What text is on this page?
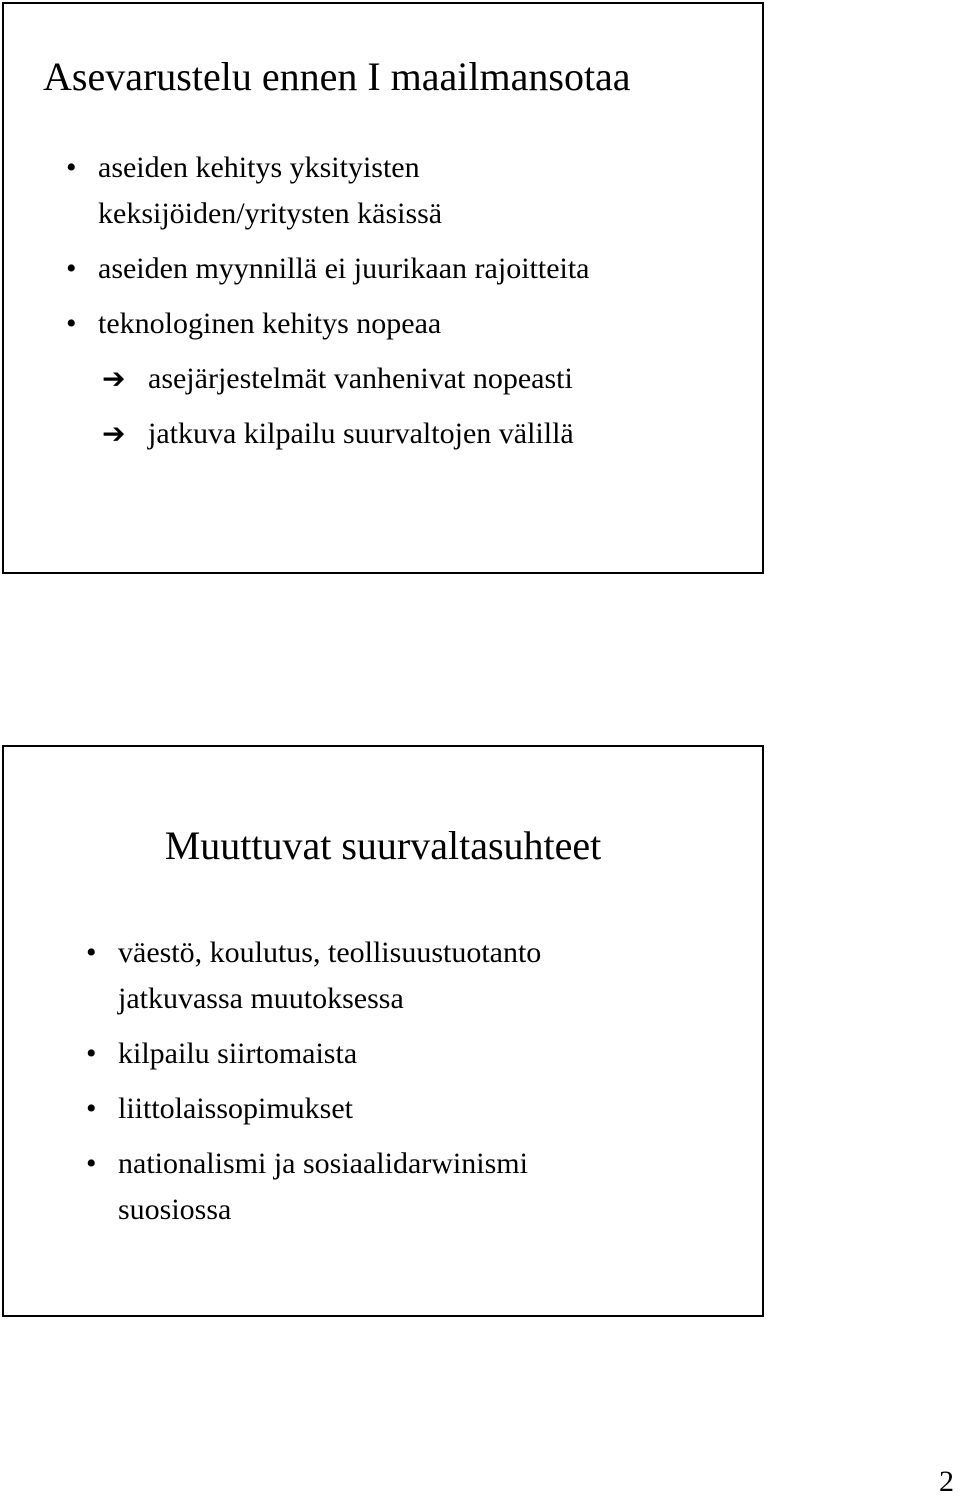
Asevarustelu ennen I maailmansotaa
• aseiden kehitys yksityisten
keksijöiden/yritysten käsissä
• aseiden myynnillä ei juurikaan rajoitteita
• teknologinen kehitys nopeaa
➔ asejärjestelmät vanhenivat nopeasti
➔ jatkuva kilpailu suurvaltojen välillä
Muuttuvat suurvaltasuhteet
• väestö, koulutus, teollisuustuotanto
jatkuvassa muutoksessa
• kilpailu siirtomaista
• liittolaissopimukset
• nationalismi ja sosiaalidarwinismi
suosiossa
2
